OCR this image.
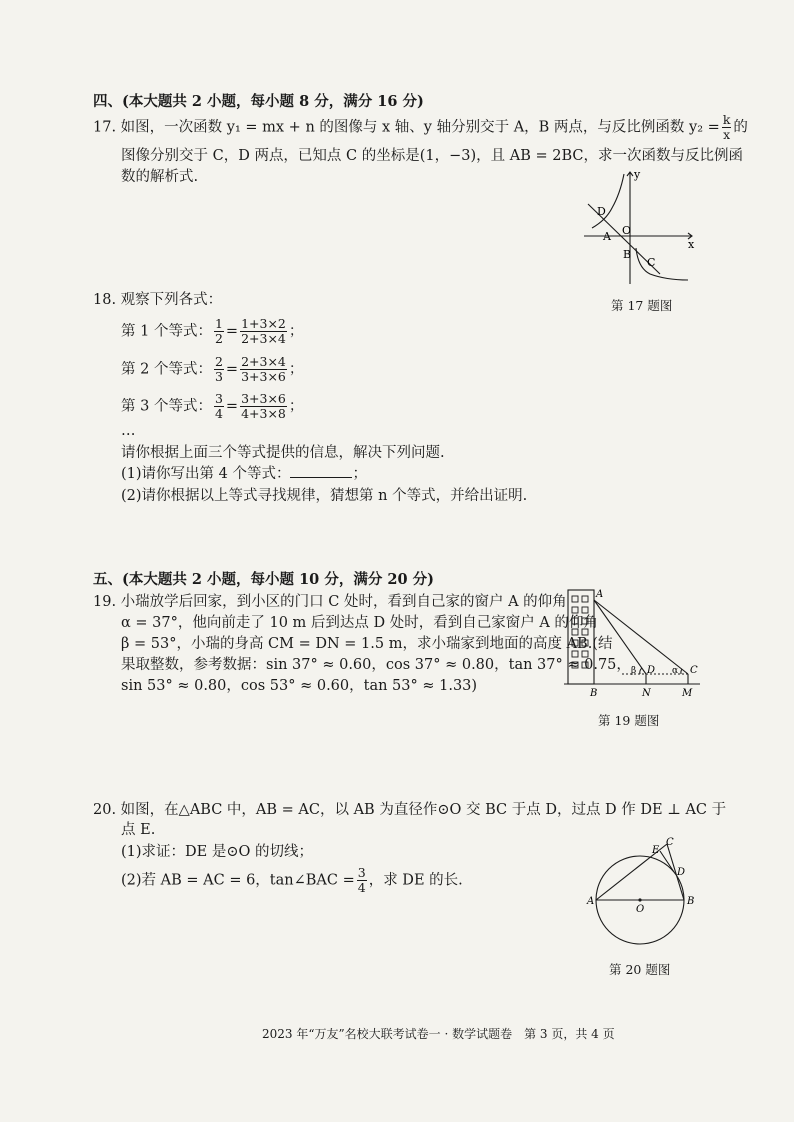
四、(本大题共 2 小题，每小题 8 分，满分 16 分)
17. 如图，一次函数 y₁ = mx + n 的图像与 x 轴、y 轴分别交于 A，B 两点，与反比例函数 $y_2 = \frac{k}{x}$ 的
图像分别交于 C，D 两点，已知点 C 的坐标是(1，−3)，且 AB = 2BC，求一次函数与反比例函
数的解析式.	y
x
D
A O
B
C
第 17 题图
18. 观察下列各式：
第 1 个等式： $\frac{1}{2} = \frac{1+3\times 2}{2+3\times 4}$ ；
第 2 个等式： $\frac{2}{3} = \frac{2+3\times 4}{3+3\times 6}$ ；
第 3 个等式： $\frac{3}{4} = \frac{3+3\times 6}{4+3\times 8}$ ；
…
请你根据上面三个等式提供的信息，解决下列问题.
(1)请你写出第 4 个等式：	；
(2)请你根据以上等式寻找规律，猜想第 n 个等式，并给出证明.
五、(本大题共 2 小题，每小题 10 分，满分 20 分)
19. 小瑞放学后回家，到小区的门口 C 处时，看到自己家的窗户 A 的仰角
α = 37°，他向前走了 10 m 后到达点 D 处时，看到自己家窗户 A 的仰角
β = 53°，小瑞的身高 CM = DN = 1.5 m，求小瑞家到地面的高度 AB.(结
果取整数，参考数据：sin 37° ≈ 0.60，cos 37° ≈ 0.80，tan 37° ≈ 0.75，
sin 53° ≈ 0.80，cos 53° ≈ 0.60，tan 53° ≈ 1.33)
A
B	N	M
D	C
β	α
第 19 题图
20. 如图，在△ABC 中，AB = AC，以 AB 为直径作⊙O 交 BC 于点 D，过点 D 作 DE ⊥ AC 于
点 E.
(1)求证：DE 是⊙O 的切线；
(2)若 AB = AC = 6，tan∠BAC = $\frac{3}{4}$ ，求 DE 的长.
E
C
D
A
O
B
第 20 题图
2023 年“万友”名校大联考试卷一 · 数学试题卷　第 3 页，共 4 页
